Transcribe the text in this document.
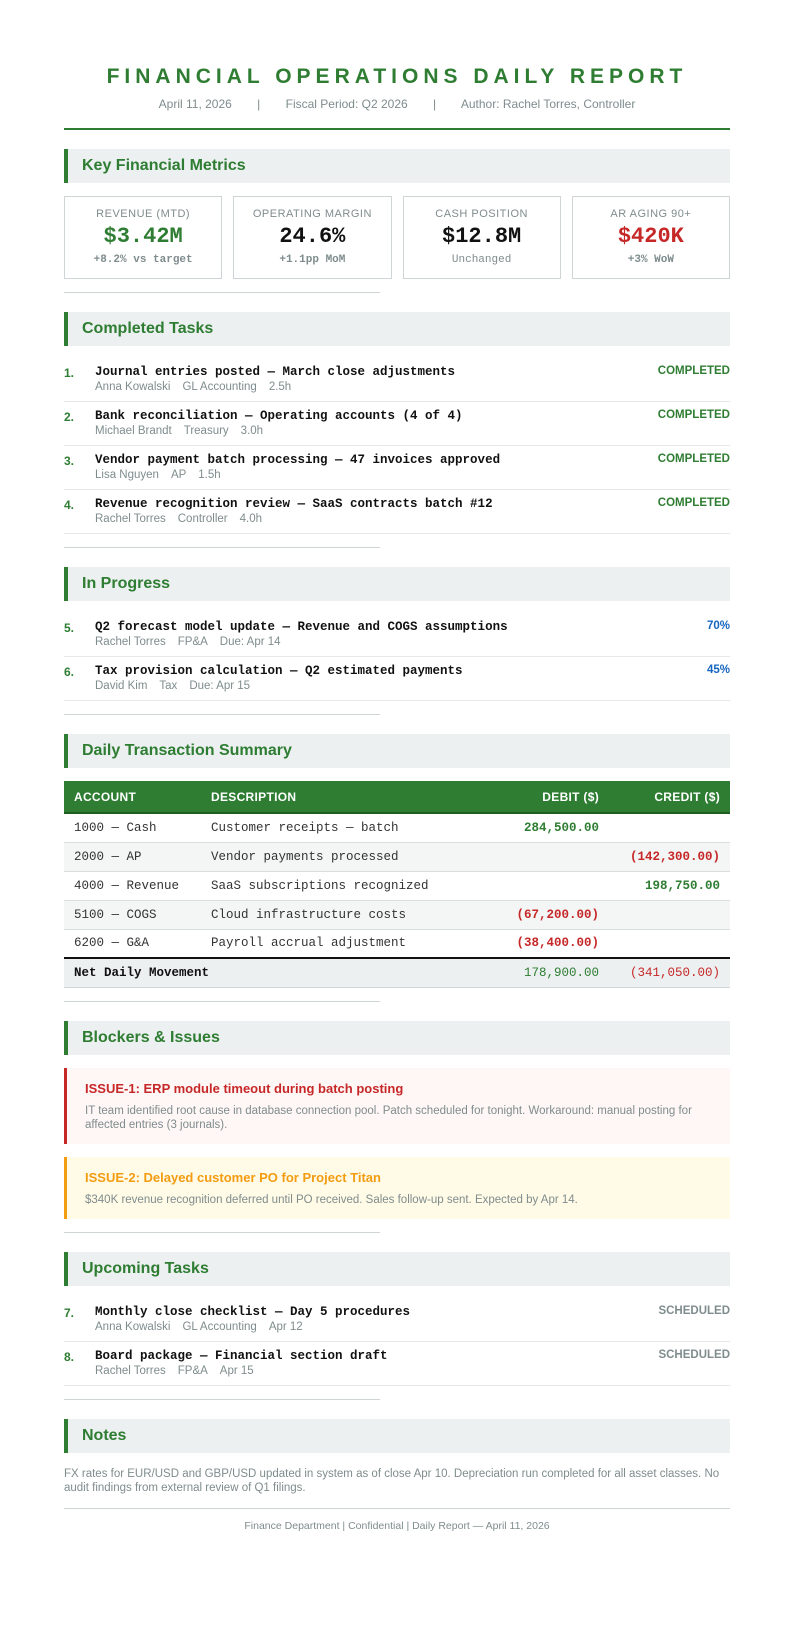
FINANCIAL OPERATIONS DAILY REPORT
April 11, 2026 | Fiscal Period: Q2 2026 | Author: Rachel Torres, Controller
Key Financial Metrics
REVENUE (MTD)
$3.42M
+8.2% vs target
OPERATING MARGIN
24.6%
+1.1pp MoM
CASH POSITION
$12.8M
Unchanged
AR AGING 90+
$420K
+3% WoW
Completed Tasks
1.	Journal entries posted — March close adjustments
Anna Kowalski GL Accounting 2.5h
COMPLETED
2.	Bank reconciliation — Operating accounts (4 of 4)
Michael Brandt Treasury 3.0h
COMPLETED
3.	Vendor payment batch processing — 47 invoices approved
Lisa Nguyen AP 1.5h
COMPLETED
4.	Revenue recognition review — SaaS contracts batch #12
Rachel Torres Controller 4.0h
COMPLETED
In Progress
5.	Q2 forecast model update — Revenue and COGS assumptions
Rachel Torres FP&A Due: Apr 14
70%
6.	Tax provision calculation — Q2 estimated payments
David Kim Tax Due: Apr 15
45%
Daily Transaction Summary
ACCOUNT	DESCRIPTION	DEBIT ($)	CREDIT ($)
1000 — Cash	Customer receipts — batch	284,500.00	
2000 — AP	Vendor payments processed		(142,300.00)
4000 — Revenue	SaaS subscriptions recognized		198,750.00
5100 — COGS	Cloud infrastructure costs	(67,200.00)	
6200 — G&A	Payroll accrual adjustment	(38,400.00)	
Net Daily Movement		178,900.00	(341,050.00)
Blockers & Issues
ISSUE-1: ERP module timeout during batch posting
IT team identified root cause in database connection pool. Patch scheduled for tonight. Workaround: manual posting for affected entries (3 journals).
ISSUE-2: Delayed customer PO for Project Titan
$340K revenue recognition deferred until PO received. Sales follow-up sent. Expected by Apr 14.
Upcoming Tasks
7.	Monthly close checklist — Day 5 procedures
Anna Kowalski GL Accounting Apr 12
SCHEDULED
8.	Board package — Financial section draft
Rachel Torres FP&A Apr 15
SCHEDULED
Notes

FX rates for EUR/USD and GBP/USD updated in system as of close Apr 10. Depreciation run completed for all asset classes. No audit findings from external review of Q1 filings.

Finance Department | Confidential | Daily Report — April 11, 2026
